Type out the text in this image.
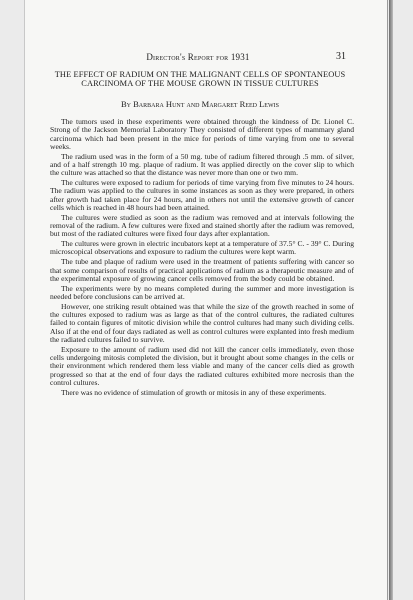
Director's Report for 1931	31
THE EFFECT OF RADIUM ON THE MALIGNANT CELLS OF SPONTANEOUS CARCINOMA OF THE MOUSE GROWN IN TISSUE CULTURES
By Barbara Hunt and Margaret Reed Lewis

The tumors used in these experiments were obtained through the kindness of Dr. Lionel C. Strong of the Jackson Memorial Laboratory They consisted of different types of mammary gland carcinoma which had been present in the mice for periods of time varying from one to several weeks.

The radium used was in the form of a 50 mg. tube of radium filtered through .5 mm. of silver, and of a half strength 10 mg. plaque of radium. It was applied directly on the cover slip to which the culture was attached so that the distance was never more than one or two mm.

The cultures were exposed to radium for periods of time varying from five minutes to 24 hours. The radium was applied to the cultures in some instances as soon as they were prepared, in others after growth had taken place for 24 hours, and in others not until the extensive growth of cancer cells which is reached in 48 hours had been attained.

The cultures were studied as soon as the radium was removed and at intervals following the removal of the radium. A few cultures were fixed and stained shortly after the radium was removed, but most of the radiated cultures were fixed four days after explantation.

The cultures were grown in electric incubators kept at a temperature of 37.5° C. - 39° C. During microscopical observations and exposure to radium the cultures were kept warm.

The tube and plaque of radium were used in the treatment of patients suffering with cancer so that some comparison of results of practical applications of radium as a therapeutic measure and of the experimental exposure of growing cancer cells removed from the body could be obtained.

The experiments were by no means completed during the summer and more investigation is needed before conclusions can be arrived at.

However, one striking result obtained was that while the size of the growth reached in some of the cultures exposed to radium was as large as that of the control cultures, the radiated cultures failed to contain figures of mitotic division while the control cultures had many such dividing cells. Also if at the end of four days radiated as well as control cultures were explanted into fresh medium the radiated cultures failed to survive.

Exposure to the amount of radium used did not kill the cancer cells immediately, even those cells undergoing mitosis completed the division, but it brought about some changes in the cells or their environment which rendered them less viable and many of the cancer cells died as growth progressed so that at the end of four days the radiated cultures exhibited more necrosis than the control cultures.

There was no evidence of stimulation of growth or mitosis in any of these experiments.
